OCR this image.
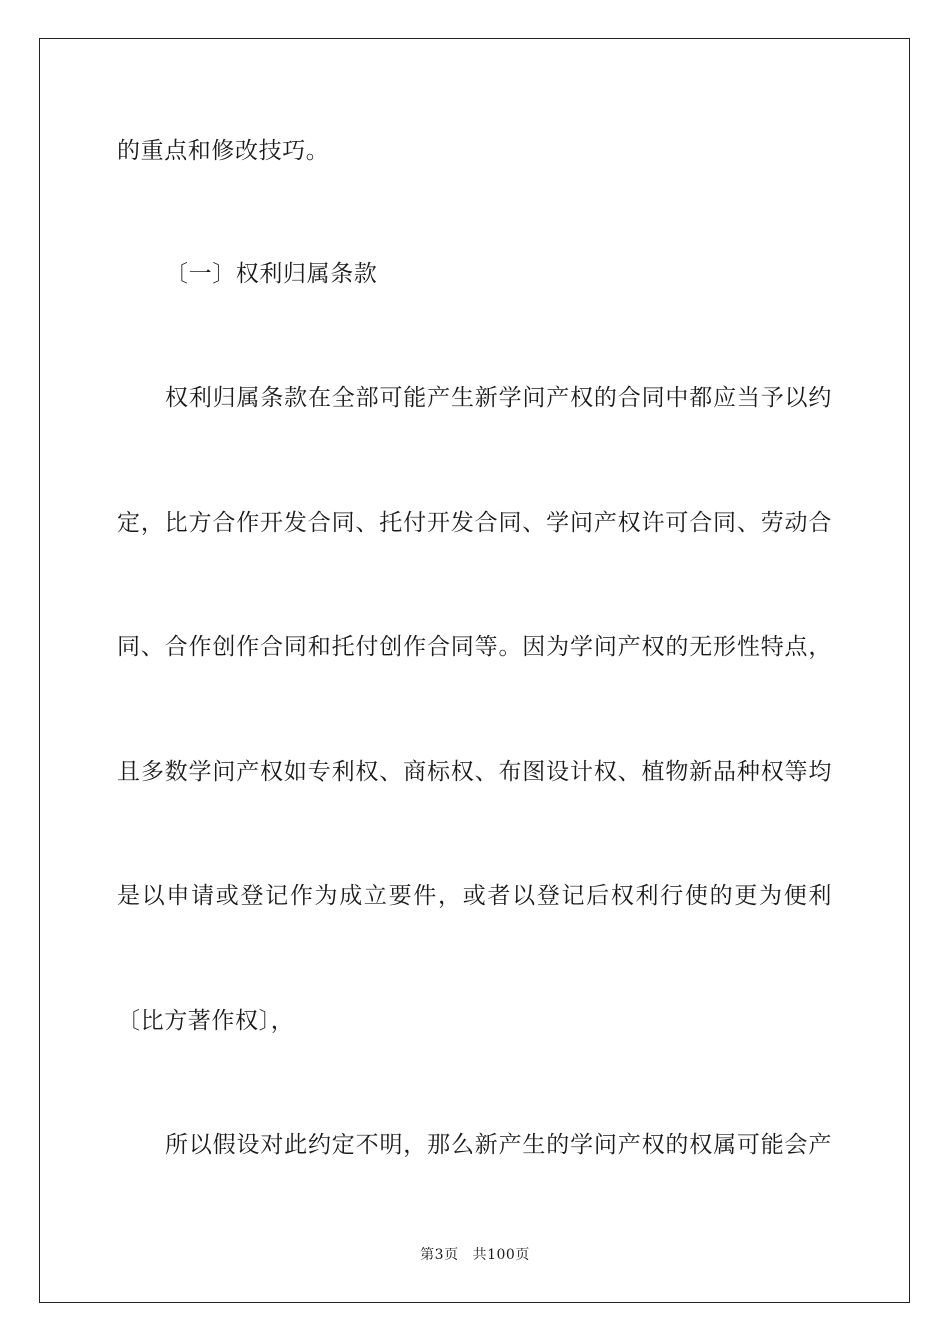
的重点和修改技巧。
〔一〕权利归属条款
权利归属条款在全部可能产生新学问产权的合同中都应当予以约
定，比方合作开发合同、托付开发合同、学问产权许可合同、劳动合
同、合作创作合同和托付创作合同等。因为学问产权的无形性特点，
且多数学问产权如专利权、商标权、布图设计权、植物新品种权等均
是以申请或登记作为成立要件，或者以登记后权利行使的更为便利
〔比方著作权〕，
所以假设对此约定不明，那么新产生的学问产权的权属可能会产
第3页 共100页
